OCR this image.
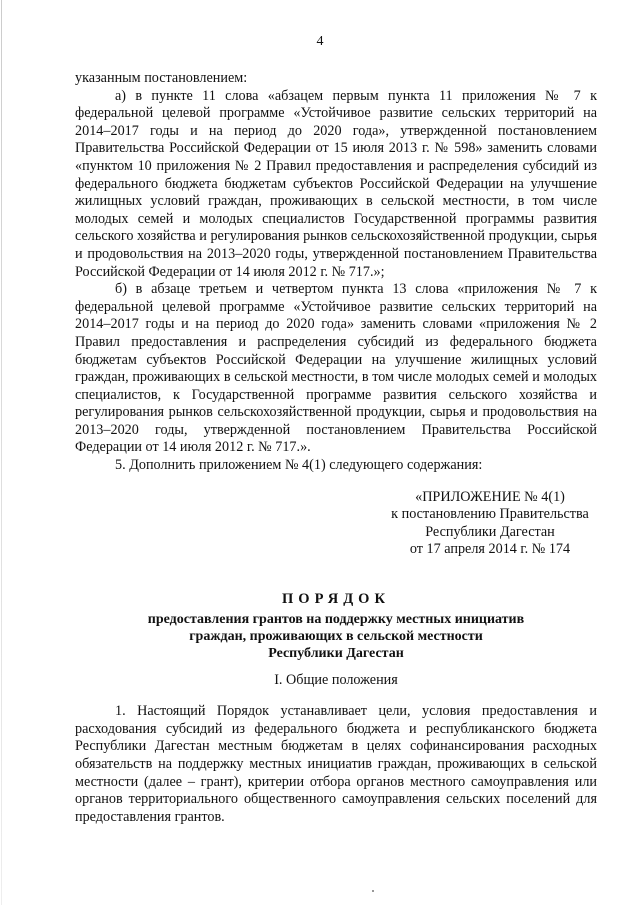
4

указанным постановлением:

а) в пункте 11 слова «абзацем первым пункта 11 приложения № 7 к федеральной целевой программе «Устойчивое развитие сельских территорий на 2014–2017 годы и на период до 2020 года», утвержденной постановлением Правительства Российской Федерации от 15 июля 2013 г. № 598» заменить словами «пунктом 10 приложения № 2 Правил предоставления и распределения субсидий из федерального бюджета бюджетам субъектов Российской Федерации на улучшение жилищных условий граждан, проживающих в сельской местности, в том числе молодых семей и молодых специалистов Государственной программы развития сельского хозяйства и регулирования рынков сельскохозяйственной продукции, сырья и продовольствия на 2013–2020 годы, утвержденной постановлением Правительства Российской Федерации от 14 июля 2012 г. № 717.»;

б) в абзаце третьем и четвертом пункта 13 слова «приложения № 7 к федеральной целевой программе «Устойчивое развитие сельских территорий на 2014–2017 годы и на период до 2020 года» заменить словами «приложения № 2 Правил предоставления и распределения субсидий из федерального бюджета бюджетам субъектов Российской Федерации на улучшение жилищных условий граждан, проживающих в сельской местности, в том числе молодых семей и молодых специалистов, к Государственной программе развития сельского хозяйства и регулирования рынков сельскохозяйственной продукции, сырья и продовольствия на 2013–2020 годы, утвержденной постановлением Правительства Российской Федерации от 14 июля 2012 г. № 717.».

5. Дополнить приложением № 4(1) следующего содержания:

«ПРИЛОЖЕНИЕ № 4(1)
к постановлению Правительства
Республики Дагестан
от 17 апреля 2014 г. № 174
ПОРЯДОК
предоставления грантов на поддержку местных инициатив
граждан, проживающих в сельской местности
Республики Дагестан
I. Общие положения

1. Настоящий Порядок устанавливает цели, условия предоставления и расходования субсидий из федерального бюджета и республиканского бюджета Республики Дагестан местным бюджетам в целях софинансирования расходных обязательств на поддержку местных инициатив граждан, проживающих в сельской местности (далее – грант), критерии отбора органов местного самоуправления или органов территориального общественного самоуправления сельских поселений для предоставления грантов.
